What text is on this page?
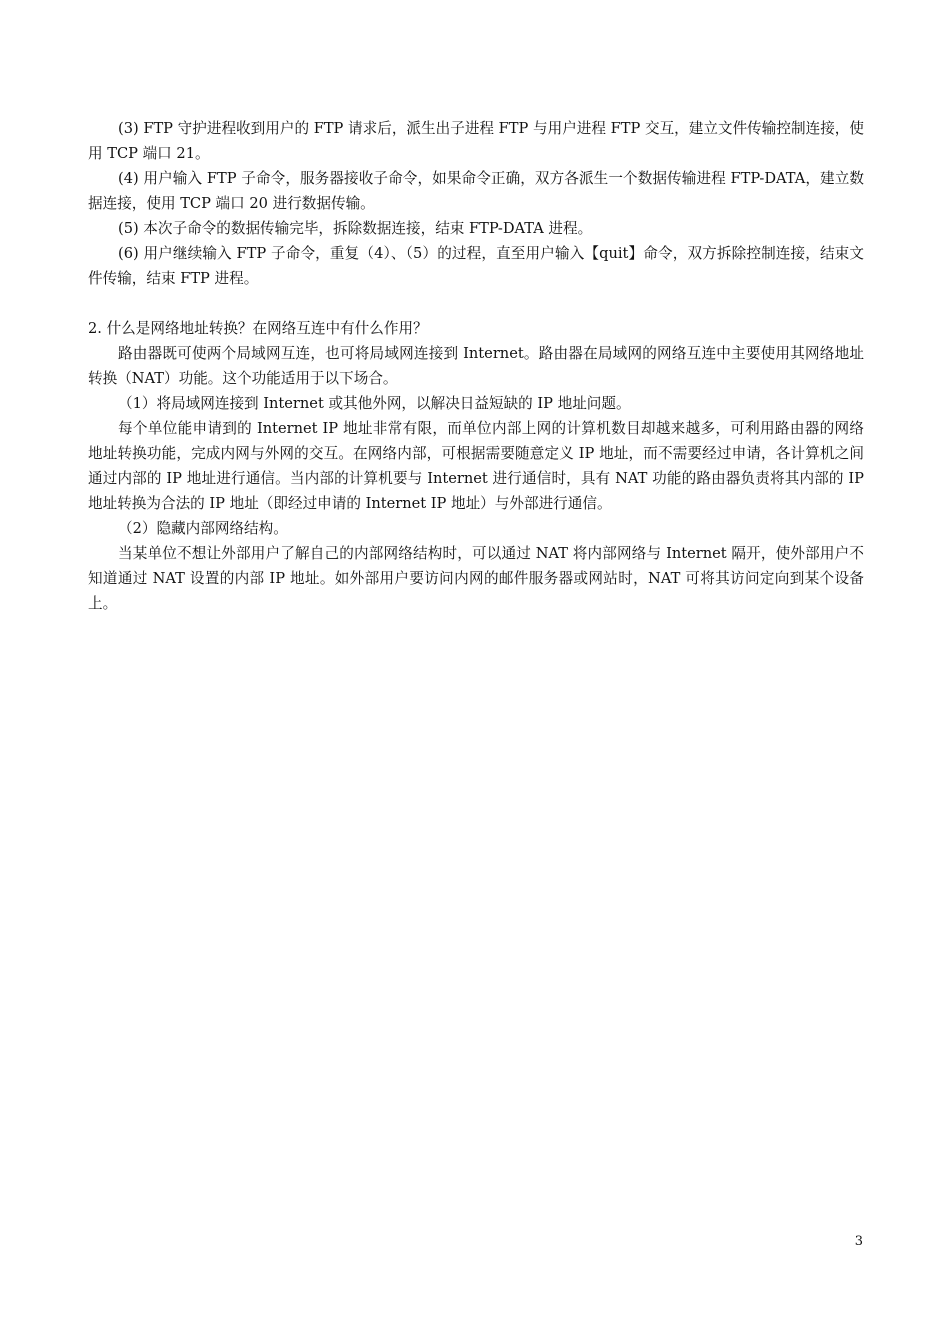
(3) FTP 守护进程收到用户的 FTP 请求后，派生出子进程 FTP 与用户进程 FTP 交互，建立文件传输控制连接，使用 TCP 端口 21。

(4) 用户输入 FTP 子命令，服务器接收子命令，如果命令正确，双方各派生一个数据传输进程 FTP-DATA，建立数据连接，使用 TCP 端口 20 进行数据传输。

(5) 本次子命令的数据传输完毕，拆除数据连接，结束 FTP-DATA 进程。

(6) 用户继续输入 FTP 子命令，重复（4）、（5）的过程，直至用户输入【quit】命令，双方拆除控制连接，结束文件传输，结束 FTP 进程。

2. 什么是网络地址转换？在网络互连中有什么作用？

路由器既可使两个局域网互连，也可将局域网连接到 Internet。路由器在局域网的网络互连中主要使用其网络地址转换（NAT）功能。这个功能适用于以下场合。

（1）将局域网连接到 Internet 或其他外网，以解决日益短缺的 IP 地址问题。

每个单位能申请到的 Internet IP 地址非常有限，而单位内部上网的计算机数目却越来越多，可利用路由器的网络地址转换功能，完成内网与外网的交互。在网络内部，可根据需要随意定义 IP 地址，而不需要经过申请，各计算机之间通过内部的 IP 地址进行通信。当内部的计算机要与 Internet 进行通信时，具有 NAT 功能的路由器负责将其内部的 IP 地址转换为合法的 IP 地址（即经过申请的 Internet IP 地址）与外部进行通信。

（2）隐藏内部网络结构。

当某单位不想让外部用户了解自己的内部网络结构时，可以通过 NAT 将内部网络与 Internet 隔开，使外部用户不知道通过 NAT 设置的内部 IP 地址。如外部用户要访问内网的邮件服务器或网站时，NAT 可将其访问定向到某个设备上。

3
